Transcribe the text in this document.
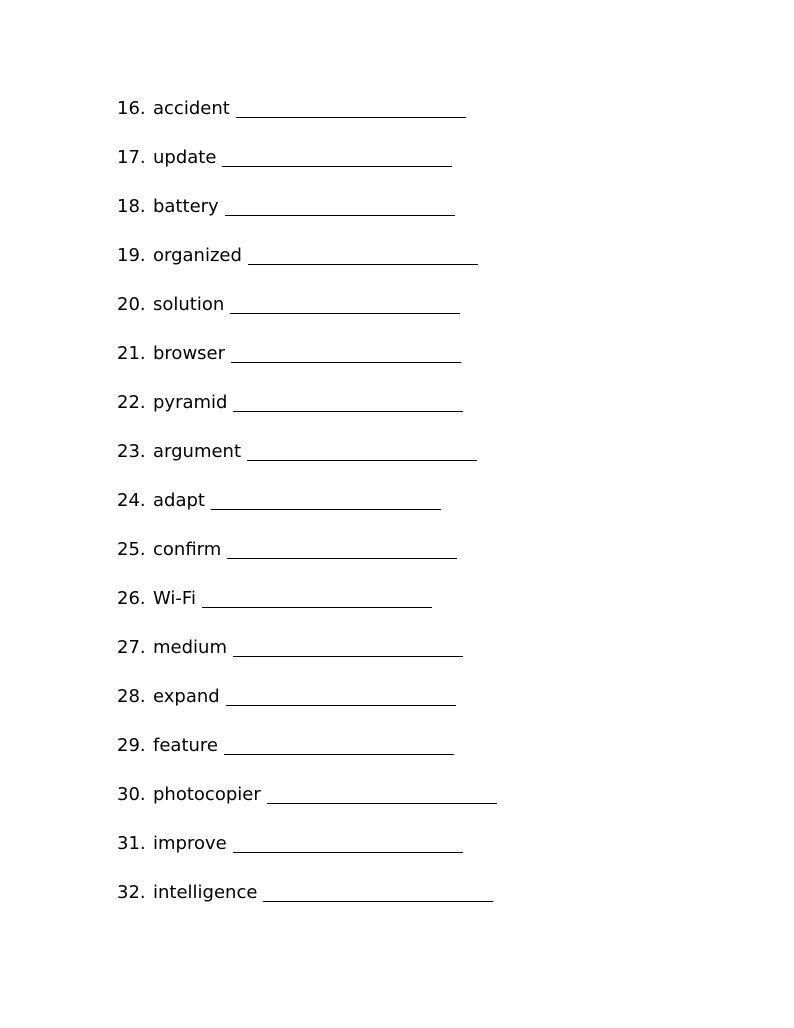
16. accident
17. update
18. battery
19. organized
20. solution
21. browser
22. pyramid
23. argument
24. adapt
25. confirm
26. Wi-Fi
27. medium
28. expand
29. feature
30. photocopier
31. improve
32. intelligence
